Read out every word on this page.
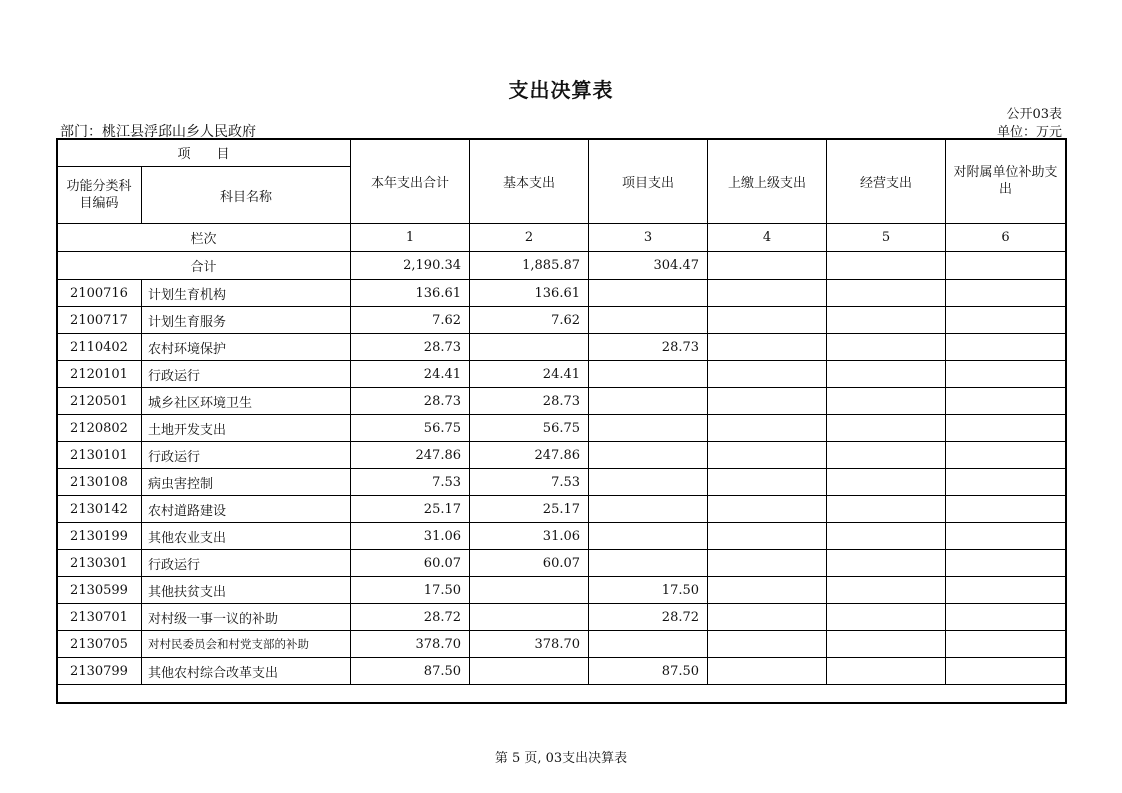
支出决算表
公开03表
部门：桃江县浮邱山乡人民政府	单位：万元
项　　目		本年支出合计	基本支出	项目支出	上缴上级支出	经营支出	对附属单位补助支出
功能分类科目编码	科目名称						
栏次		1	2	3	4	5	6
合计		2,190.34	1,885.87	304.47			
2100716	计划生育机构	136.61	136.61				
2100717	计划生育服务	7.62	7.62				
2110402	农村环境保护	28.73		28.73			
2120101	行政运行	24.41	24.41				
2120501	城乡社区环境卫生	28.73	28.73				
2120802	土地开发支出	56.75	56.75				
2130101	行政运行	247.86	247.86				
2130108	病虫害控制	7.53	7.53				
2130142	农村道路建设	25.17	25.17				
2130199	其他农业支出	31.06	31.06				
2130301	行政运行	60.07	60.07				
2130599	其他扶贫支出	17.50		17.50			
2130701	对村级一事一议的补助	28.72		28.72			
2130705	对村民委员会和村党支部的补助	378.70	378.70				
2130799	其他农村综合改革支出	87.50		87.50			
第 5 页, 03支出决算表
